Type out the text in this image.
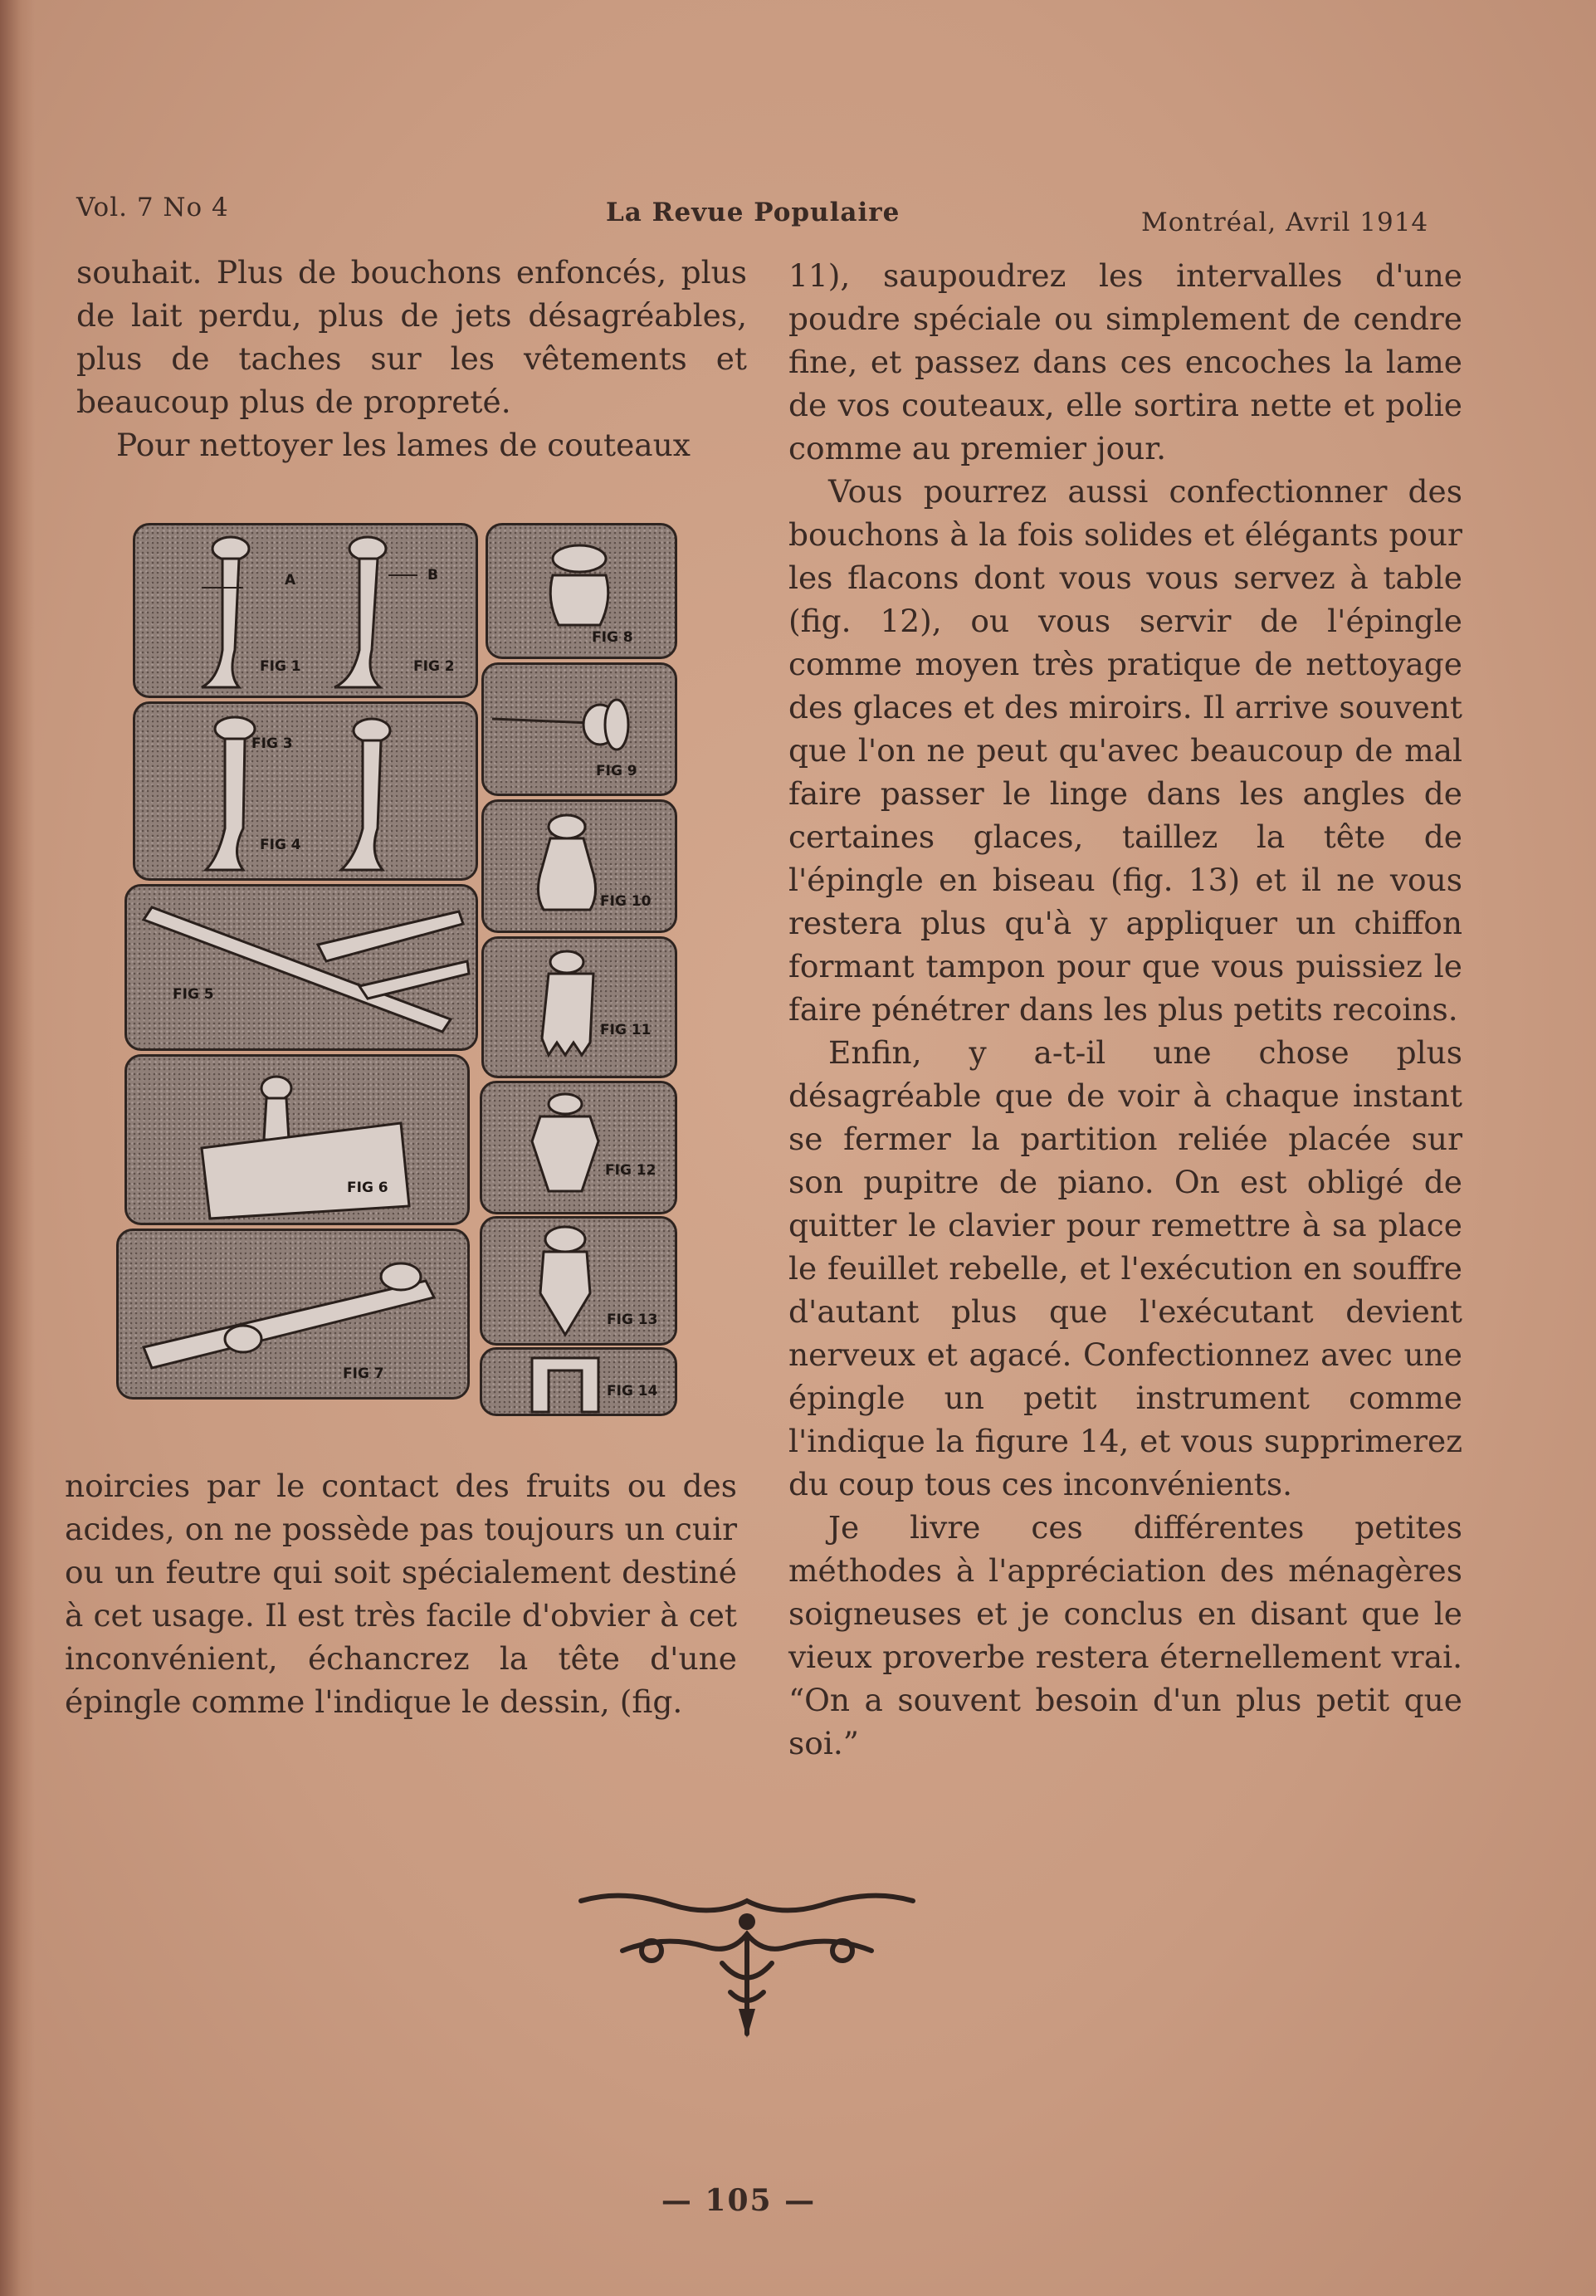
Vol. 7 No 4	La Revue Populaire	Montréal, Avril 1914

souhait. Plus de bouchons enfoncés, plus de lait perdu, plus de jets désagréables, plus de taches sur les vêtements et beaucoup plus de propreté.

Pour nettoyer les lames de couteaux

A	B
FIG 1	FIG 2
FIG 8
FIG 9
FIG 3
FIG 4
FIG 10
FIG 5
FIG 11
FIG 6
FIG 12
FIG 13
FIG 7
FIG 14

noircies par le contact des fruits ou des acides, on ne possède pas toujours un cuir ou un feutre qui soit spécialement destiné à cet usage. Il est très facile d'obvier à cet inconvénient, échancrez la tête d'une épingle comme l'indique le dessin, (fig.

11), saupoudrez les intervalles d'une poudre spéciale ou simplement de cendre fine, et passez dans ces encoches la lame de vos couteaux, elle sortira nette et polie comme au premier jour.

Vous pourrez aussi confectionner des bouchons à la fois solides et élégants pour les flacons dont vous vous servez à table (fig. 12), ou vous servir de l'épingle comme moyen très pratique de nettoyage des glaces et des miroirs. Il arrive souvent que l'on ne peut qu'avec beaucoup de mal faire passer le linge dans les angles de certaines glaces, taillez la tête de l'épingle en biseau (fig. 13) et il ne vous restera plus qu'à y appliquer un chiffon formant tampon pour que vous puissiez le faire pénétrer dans les plus petits recoins.

Enfin, y a-t-il une chose plus désagréable que de voir à chaque instant se fermer la partition reliée placée sur son pupitre de piano. On est obligé de quitter le clavier pour remettre à sa place le feuillet rebelle, et l'exécution en souffre d'autant plus que l'exécutant devient nerveux et agacé. Confectionnez avec une épingle un petit instrument comme l'indique la figure 14, et vous supprimerez du coup tous ces inconvénients.

Je livre ces différentes petites méthodes à l'appréciation des ménagères soigneuses et je conclus en disant que le vieux proverbe restera éternellement vrai. “On a souvent besoin d'un plus petit que soi.”

— 105 —
